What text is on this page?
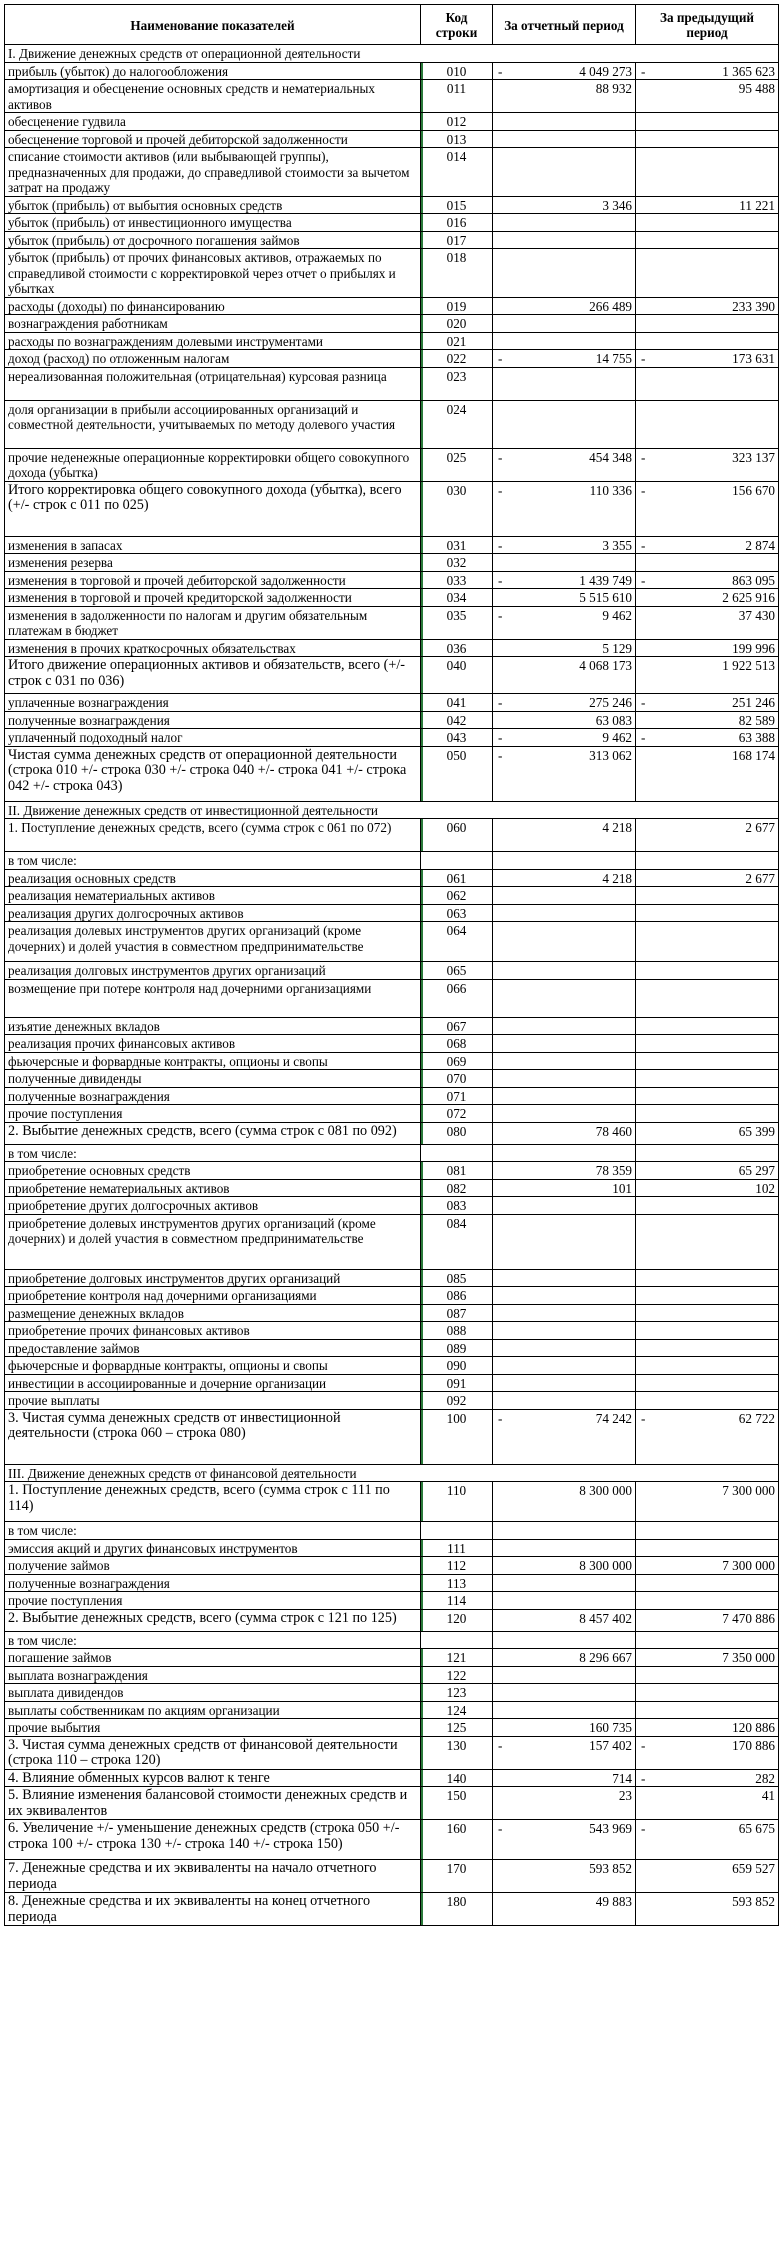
Наименование показателей	Код строки	За отчетный период	За предыдущий период
I. Движение денежных средств от операционной деятельности			
прибыль (убыток) до налогообложения	010	- 4 049 273	- 1 365 623
амортизация и обесценение основных средств и нематериальных активов	011	88 932	95 488
обесценение гудвила	012		
обесценение торговой и прочей дебиторской задолженности	013		
списание стоимости активов (или выбывающей группы), предназначенных для продажи, до справедливой стоимости за вычетом затрат на продажу	014		
убыток (прибыль) от выбытия основных средств	015	3 346	11 221
убыток (прибыль) от инвестиционного имущества	016		
убыток (прибыль) от досрочного погашения займов	017		
убыток (прибыль) от прочих финансовых активов, отражаемых по справедливой стоимости с корректировкой через отчет о прибылях и убытках	018		
расходы (доходы) по финансированию	019	266 489	233 390
вознаграждения работникам	020		
расходы по вознаграждениям долевыми инструментами	021		
доход (расход) по отложенным налогам	022	- 14 755	- 173 631
нереализованная положительная (отрицательная) курсовая разница	023		
доля организации в прибыли ассоциированных организаций и совместной деятельности, учитываемых по методу долевого участия	024		
прочие неденежные операционные корректировки общего совокупного дохода (убытка)	025	- 454 348	- 323 137
Итого корректировка общего совокупного дохода (убытка), всего (+/- строк с 011 по 025)	030	- 110 336	- 156 670
изменения в запасах	031	- 3 355	- 2 874
изменения резерва	032		
изменения в торговой и прочей дебиторской задолженности	033	- 1 439 749	- 863 095
изменения в торговой и прочей кредиторской задолженности	034	5 515 610	2 625 916
изменения в задолженности по налогам и другим обязательным платежам в бюджет	035	- 9 462	37 430
изменения в прочих краткосрочных обязательствах	036	5 129	199 996
Итого движение операционных активов и обязательств, всего (+/- строк с 031 по 036)	040	4 068 173	1 922 513
уплаченные вознаграждения	041	- 275 246	- 251 246
полученные вознаграждения	042	63 083	82 589
уплаченный подоходный налог	043	- 9 462	- 63 388
Чистая сумма денежных средств от операционной деятельности (строка 010 +/- строка 030 +/- строка 040 +/- строка 041 +/- строка 042 +/- строка 043)	050	- 313 062	168 174
II. Движение денежных средств от инвестиционной деятельности			
1. Поступление денежных средств, всего (сумма строк с 061 по 072)	060	4 218	2 677
в том числе:			
реализация основных средств	061	4 218	2 677
реализация нематериальных активов	062		
реализация других долгосрочных активов	063		
реализация долевых инструментов других организаций (кроме дочерних) и долей участия в совместном предпринимательстве	064		
реализация долговых инструментов других организаций	065		
возмещение при потере контроля над дочерними организациями	066		
изъятие денежных вкладов	067		
реализация прочих финансовых активов	068		
фьючерсные и форвардные контракты, опционы и свопы	069		
полученные дивиденды	070		
полученные вознаграждения	071		
прочие поступления	072		
2. Выбытие денежных средств, всего (сумма строк с 081 по 092)	080	78 460	65 399
в том числе:			
приобретение основных средств	081	78 359	65 297
приобретение нематериальных активов	082	101	102
приобретение других долгосрочных активов	083		
приобретение долевых инструментов других организаций (кроме дочерних) и долей участия в совместном предпринимательстве	084		
приобретение долговых инструментов других организаций	085		
приобретение контроля над дочерними организациями	086		
размещение денежных вкладов	087		
приобретение прочих финансовых активов	088		
предоставление займов	089		
фьючерсные и форвардные контракты, опционы и свопы	090		
инвестиции в ассоциированные и дочерние организации	091		
прочие выплаты	092		
3. Чистая сумма денежных средств от инвестиционной деятельности (строка 060 – строка 080)	100	- 74 242	- 62 722
III. Движение денежных средств от финансовой деятельности			
1. Поступление денежных средств, всего (сумма строк с 111 по 114)	110	8 300 000	7 300 000
в том числе:			
эмиссия акций и других финансовых инструментов	111		
получение займов	112	8 300 000	7 300 000
полученные вознаграждения	113		
прочие поступления	114		
2. Выбытие денежных средств, всего (сумма строк с 121 по 125)	120	8 457 402	7 470 886
в том числе:			
погашение займов	121	8 296 667	7 350 000
выплата вознаграждения	122		
выплата дивидендов	123		
выплаты собственникам по акциям организации	124		
прочие выбытия	125	160 735	120 886
3. Чистая сумма денежных средств от финансовой деятельности (строка 110 – строка 120)	130	- 157 402	- 170 886
4. Влияние обменных курсов валют к тенге	140	714	- 282
5. Влияние изменения балансовой стоимости денежных средств и их эквивалентов	150	23	41
6. Увеличение +/- уменьшение денежных средств (строка 050 +/- строка 100 +/- строка 130 +/- строка 140 +/- строка 150)	160	- 543 969	- 65 675
7. Денежные средства и их эквиваленты на начало отчетного периода	170	593 852	659 527
8. Денежные средства и их эквиваленты на конец отчетного периода	180	49 883	593 852
